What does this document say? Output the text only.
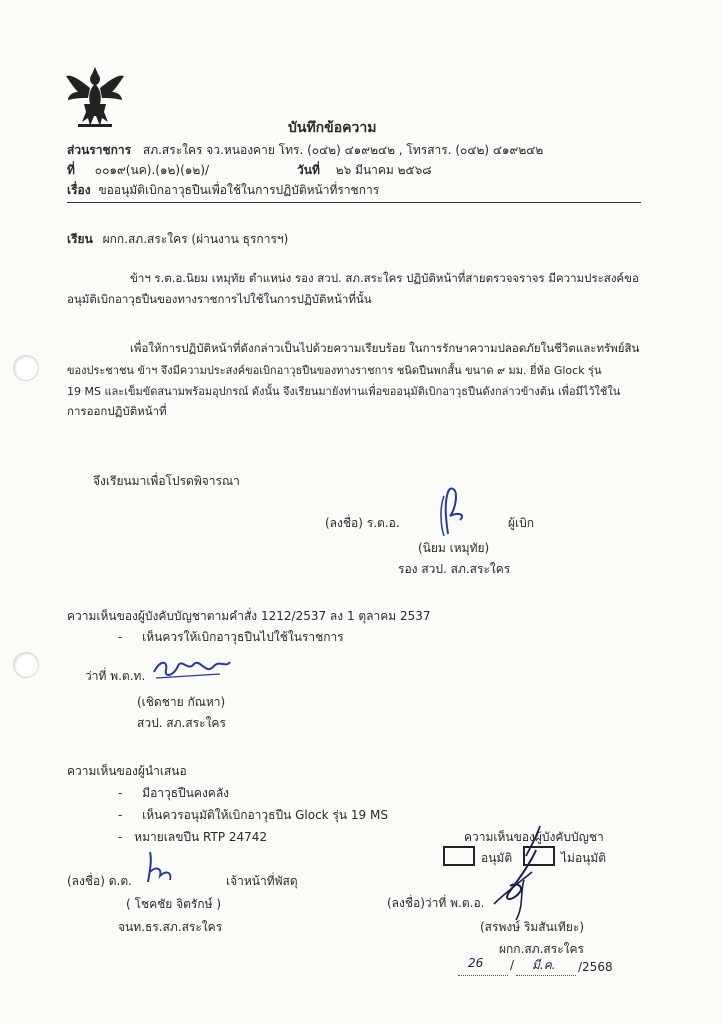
บันทึกข้อความ
ส่วนราชการ สภ.สระใคร จว.หนองคาย โทร. (๐๔๒) ๔๑๙๒๔๒ , โทรสาร. (๐๔๒) ๔๑๙๒๔๒
ที่ ๐๐๑๙(นค).(๑๒)(๑๒)/	วันที่ ๒๖ มีนาคม ๒๕๖๘
เรื่อง ขออนุมัติเบิกอาวุธปืนเพื่อใช้ในการปฏิบัติหน้าที่ราชการ
เรียน ผกก.สภ.สระใคร (ผ่านงาน ธุรการฯ)
ข้าฯ ร.ต.อ.นิยม เหมุทัย ตำแหน่ง รอง สวป. สภ.สระใคร ปฏิบัติหน้าที่สายตรวจจราจร มีความประสงค์ขอ
อนุมัติเบิกอาวุธปืนของทางราชการไปใช้ในการปฏิบัติหน้าที่นั้น
เพื่อให้การปฏิบัติหน้าที่ดังกล่าวเป็นไปด้วยความเรียบร้อย ในการรักษาความปลอดภัยในชีวิตและทรัพย์สิน
ของประชาชน ข้าฯ จึงมีความประสงค์ขอเบิกอาวุธปืนของทางราชการ ชนิดปืนพกสั้น ขนาด ๙ มม. ยี่ห้อ Glock รุ่น
19 MS และเข็มขัดสนามพร้อมอุปกรณ์ ดังนั้น จึงเรียนมายังท่านเพื่อขออนุมัติเบิกอาวุธปืนดังกล่าวข้างต้น เพื่อมีไว้ใช้ใน
การออกปฏิบัติหน้าที่
จึงเรียนมาเพื่อโปรดพิจารณา
(ลงชื่อ) ร.ต.อ.	ผู้เบิก
(นิยม เหมุทัย)
รอง สวป. สภ.สระใคร
ความเห็นของผู้บังคับบัญชาตามคำสั่ง 1212/2537 ลง 1 ตุลาคม 2537
- เห็นควรให้เบิกอาวุธปืนไปใช้ในราชการ
ว่าที่ พ.ต.ท.
(เชิดชาย กัณหา)
สวป. สภ.สระใคร
ความเห็นของผู้นำเสนอ
- มีอาวุธปืนคงคลัง
- เห็นควรอนุมัติให้เบิกอาวุธปืน Glock รุ่น 19 MS
- หมายเลขปืน RTP 24742
(ลงชื่อ) ด.ต.	เจ้าหน้าที่พัสดุ
( โชคชัย จิตรักษ์ )
จนท.ธร.สภ.สระใคร
ความเห็นของผู้บังคับบัญชา
อนุมัติ	ไม่อนุมัติ
(ลงชื่อ)ว่าที่ พ.ต.อ.
(สรพงษ์ ริมสันเทียะ)
ผกก.สภ.สระใคร
26 / มี.ค. /2568
